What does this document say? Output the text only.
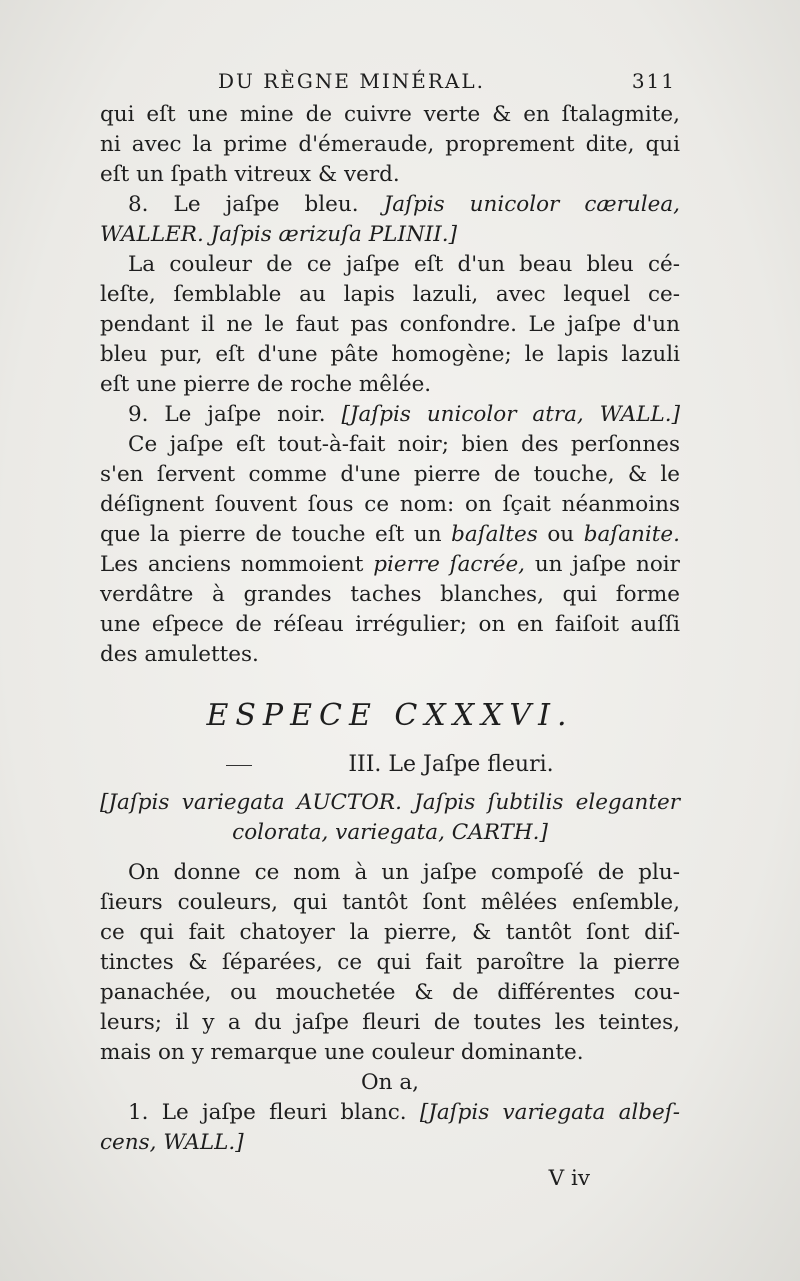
DU RÈGNE MINÉRAL.	311
qui eſt une mine de cuivre verte & en ſtalagmite,
ni avec la prime d'émeraude, proprement dite, qui
eſt un ſpath vitreux & verd.
8. Le jaſpe bleu. Jaſpis unicolor cærulea,
WALLER. Jaſpis ærizuſa PLINII.]
La couleur de ce jaſpe eſt d'un beau bleu cé-
leſte, ſemblable au lapis lazuli, avec lequel ce-
pendant il ne le faut pas confondre. Le jaſpe d'un
bleu pur, eſt d'une pâte homogène; le lapis lazuli
eſt une pierre de roche mêlée.
9. Le jaſpe noir. [Jaſpis unicolor atra, WALL.]
Ce jaſpe eſt tout-à-fait noir; bien des perſonnes
s'en ſervent comme d'une pierre de touche, & le
déſignent ſouvent ſous ce nom: on ſçait néanmoins
que la pierre de touche eſt un baſaltes ou baſanite.
Les anciens nommoient pierre ſacrée, un jaſpe noir
verdâtre à grandes taches blanches, qui forme
une eſpece de réſeau irrégulier; on en faiſoit auſſi
des amulettes.
ESPECE CXXXVI.
III. Le Jaſpe fleuri.
[Jaſpis variegata AUCTOR. Jaſpis ſubtilis eleganter
colorata, variegata, CARTH.]
On donne ce nom à un jaſpe compoſé de plu-
ſieurs couleurs, qui tantôt ſont mêlées enſemble,
ce qui fait chatoyer la pierre, & tantôt ſont diſ-
tinctes & ſéparées, ce qui fait paroître la pierre
panachée, ou mouchetée & de différentes cou-
leurs; il y a du jaſpe fleuri de toutes les teintes,
mais on y remarque une couleur dominante.
On a,
1. Le jaſpe fleuri blanc. [Jaſpis variegata albeſ-
cens, WALL.]
V iv
